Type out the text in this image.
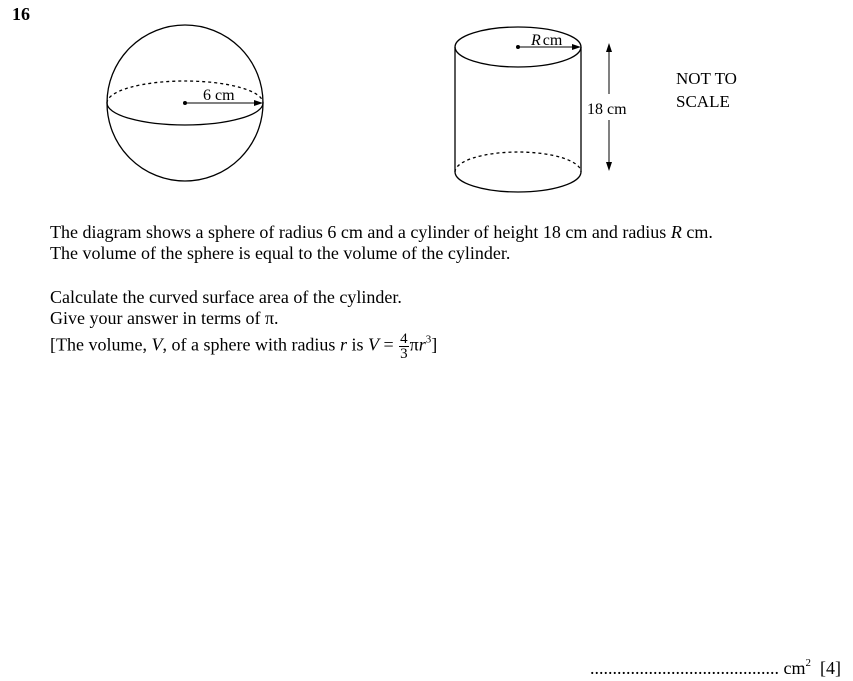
16
6 cm
R cm
18 cm
NOT TO
SCALE
The diagram shows a sphere of radius 6 cm and a cylinder of height 18 cm and radius R cm.
The volume of the sphere is equal to the volume of the cylinder.
Calculate the curved surface area of the cylinder.
Give your answer in terms of π.
[The volume, V, of a sphere with radius r is $V = \frac{4}{3} \pi r^3$]
.......................................... $cm^2$ [4]
